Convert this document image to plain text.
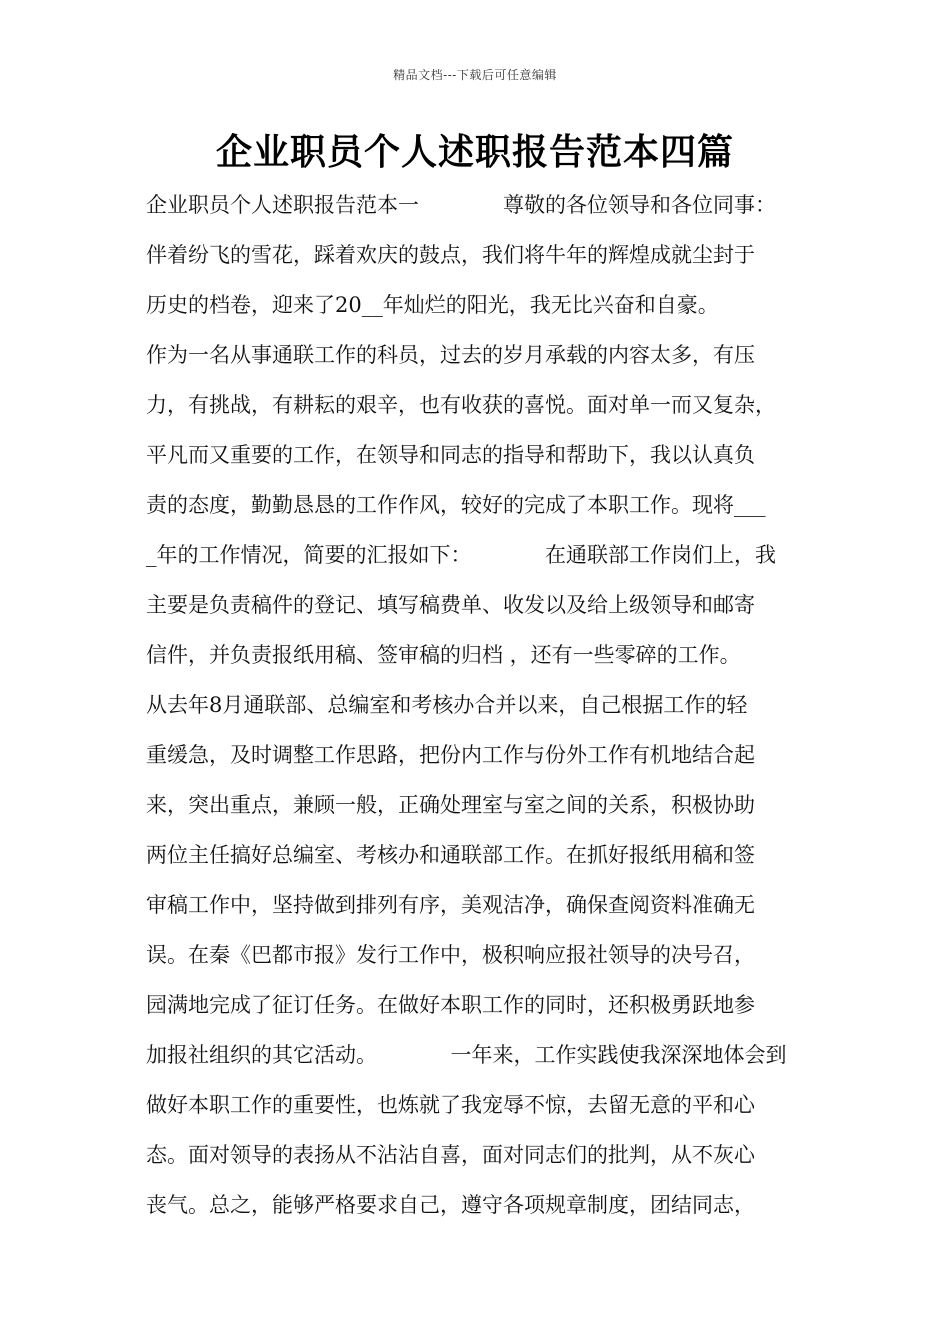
精品文档---下载后可任意编辑
企业职员个人述职报告范本四篇
企业职员个人述职报告范本一　　　　尊敬的各位领导和各位同事：
伴着纷飞的雪花，踩着欢庆的鼓点，我们将牛年的辉煌成就尘封于
历史的档卷，迎来了20__年灿烂的阳光，我无比兴奋和自豪。
作为一名从事通联工作的科员，过去的岁月承载的内容太多，有压
力，有挑战，有耕耘的艰辛，也有收获的喜悦。面对单一而又复杂，
平凡而又重要的工作，在领导和同志的指导和帮助下，我以认真负
责的态度，勤勤恳恳的工作作风，较好的完成了本职工作。现将___
_年的工作情况，简要的汇报如下：　　　　在通联部工作岗们上，我
主要是负责稿件的登记、填写稿费单、收发以及给上级领导和邮寄
信件，并负责报纸用稿、签审稿的归档 ，还有一些零碎的工作。
从去年8月通联部、总编室和考核办合并以来，自己根据工作的轻
重缓急，及时调整工作思路，把份内工作与份外工作有机地结合起
来，突出重点，兼顾一般，正确处理室与室之间的关系，积极协助
两位主任搞好总编室、考核办和通联部工作。在抓好报纸用稿和签
审稿工作中，坚持做到排列有序，美观洁净，确保查阅资料准确无
误。在秦《巴都市报》发行工作中，极积响应报社领导的决号召，
园满地完成了征订任务。在做好本职工作的同时，还积极勇跃地参
加报社组织的其它活动。　　　　一年来，工作实践使我深深地体会到
做好本职工作的重要性，也炼就了我宠辱不惊，去留无意的平和心
态。面对领导的表扬从不沾沾自喜，面对同志们的批判，从不灰心
丧气。总之，能够严格要求自己，遵守各项规章制度，团结同志，
